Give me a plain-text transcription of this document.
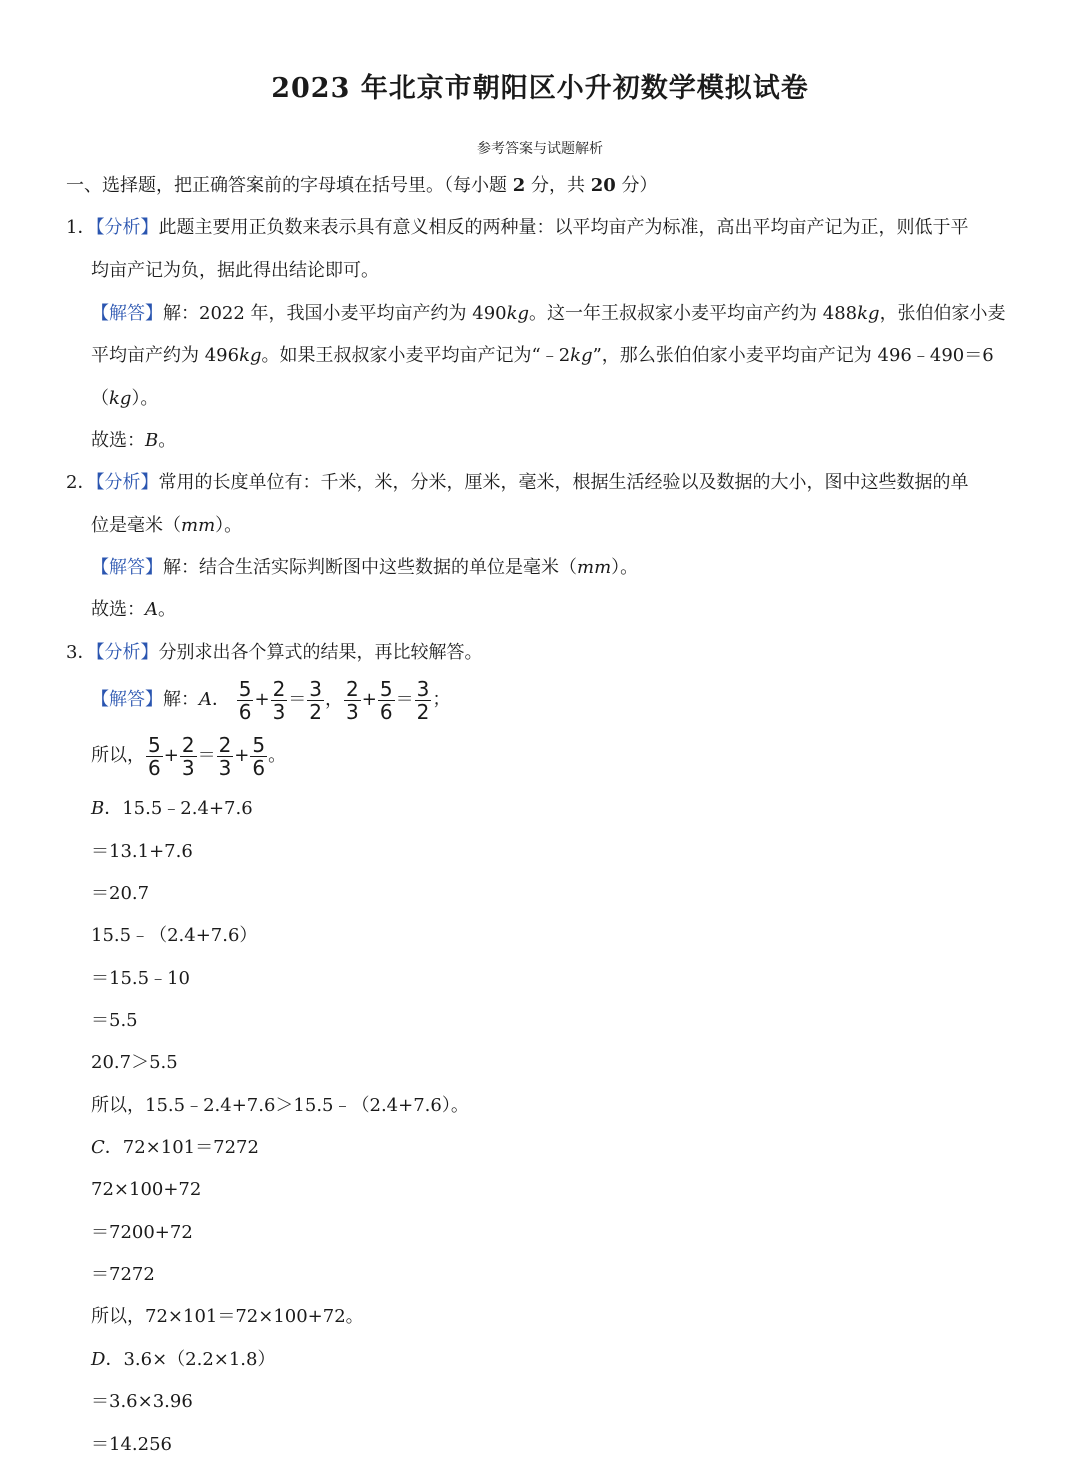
2023 年北京市朝阳区小升初数学模拟试卷
参考答案与试题解析
一、选择题，把正确答案前的字母填在括号里。（每小题 2 分，共 20 分）
1．【分析】此题主要用正负数来表示具有意义相反的两种量：以平均亩产为标准，高出平均亩产记为正，则低于平
均亩产记为负，据此得出结论即可。
【解答】解：2022 年，我国小麦平均亩产约为 490kg。这一年王叔叔家小麦平均亩产约为 488kg，张伯伯家小麦
平均亩产约为 496kg。如果王叔叔家小麦平均亩产记为“﹣2kg”，那么张伯伯家小麦平均亩产记为 496﹣490＝6
（kg）。
故选：B。
2．【分析】常用的长度单位有：千米，米，分米，厘米，毫米，根据生活经验以及数据的大小，图中这些数据的单
位是毫米（mm）。
【解答】解：结合生活实际判断图中这些数据的单位是毫米（mm）。
故选：A。
3．【分析】分别求出各个算式的结果，再比较解答。
【解答】解：A． $\frac{5}{6} + \frac{2}{3} = \frac{3}{2}$ ， $\frac{2}{3} + \frac{5}{6} = \frac{3}{2}$ ；
所以， $\frac{5}{6} + \frac{2}{3} = \frac{2}{3} + \frac{5}{6}$ 。
B．15.5﹣2.4+7.6
＝13.1+7.6
＝20.7
15.5﹣（2.4+7.6）
＝15.5﹣10
＝5.5
20.7＞5.5
所以，15.5﹣2.4+7.6＞15.5﹣（2.4+7.6）。
C．72×101＝7272
72×100+72
＝7200+72
＝7272
所以，72×101＝72×100+72。
D．3.6×（2.2×1.8）
＝3.6×3.96
＝14.256
